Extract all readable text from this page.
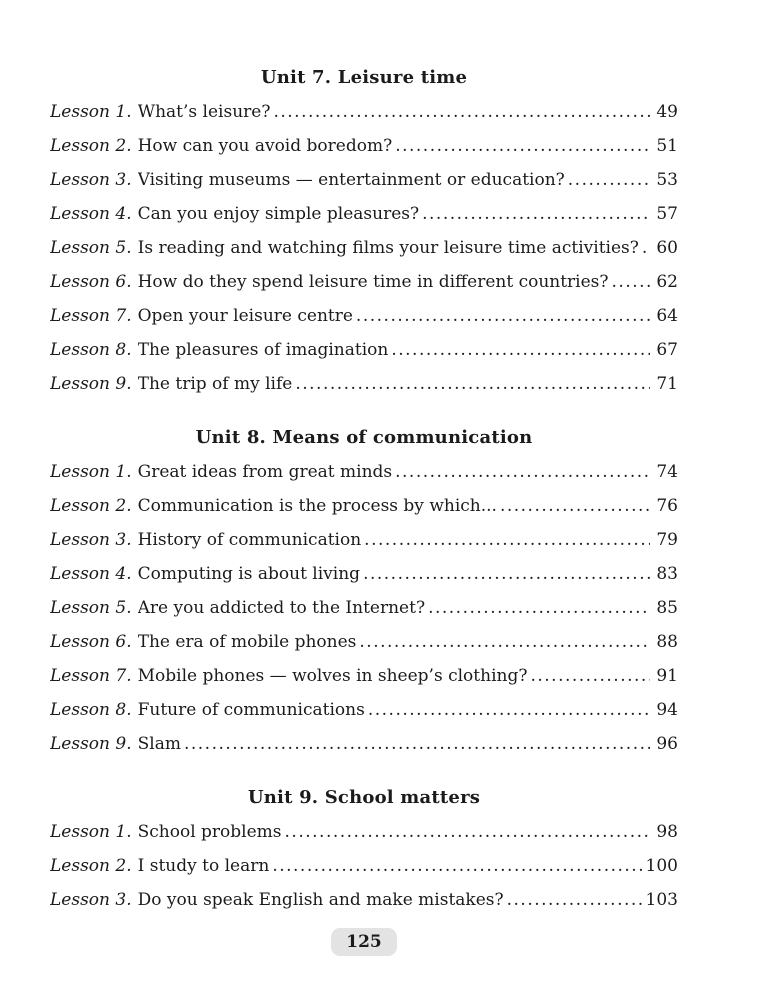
Unit 7. Leisure time
Lesson 1. What’s leisure? .....	49
Lesson 2. How can you avoid boredom? .....	51
Lesson 3. Visiting museums — entertainment or education? .....	53
Lesson 4. Can you enjoy simple pleasures? .....	57
Lesson 5. Is reading and watching films your leisure time activities? .....	60
Lesson 6. How do they spend leisure time in different countries? .....	62
Lesson 7. Open your leisure centre .....	64
Lesson 8. The pleasures of imagination .....	67
Lesson 9. The trip of my life .....	71
Unit 8. Means of communication
Lesson 1. Great ideas from great minds .....	74
Lesson 2. Communication is the process by which... .....	76
Lesson 3. History of communication .....	79
Lesson 4. Computing is about living .....	83
Lesson 5. Are you addicted to the Internet? .....	85
Lesson 6. The era of mobile phones .....	88
Lesson 7. Mobile phones — wolves in sheep’s clothing? .....	91
Lesson 8. Future of communications .....	94
Lesson 9. Slam .....	96
Unit 9. School matters
Lesson 1. School problems .....	98
Lesson 2. I study to learn .....	100
Lesson 3. Do you speak English and make mistakes? .....	103
125
